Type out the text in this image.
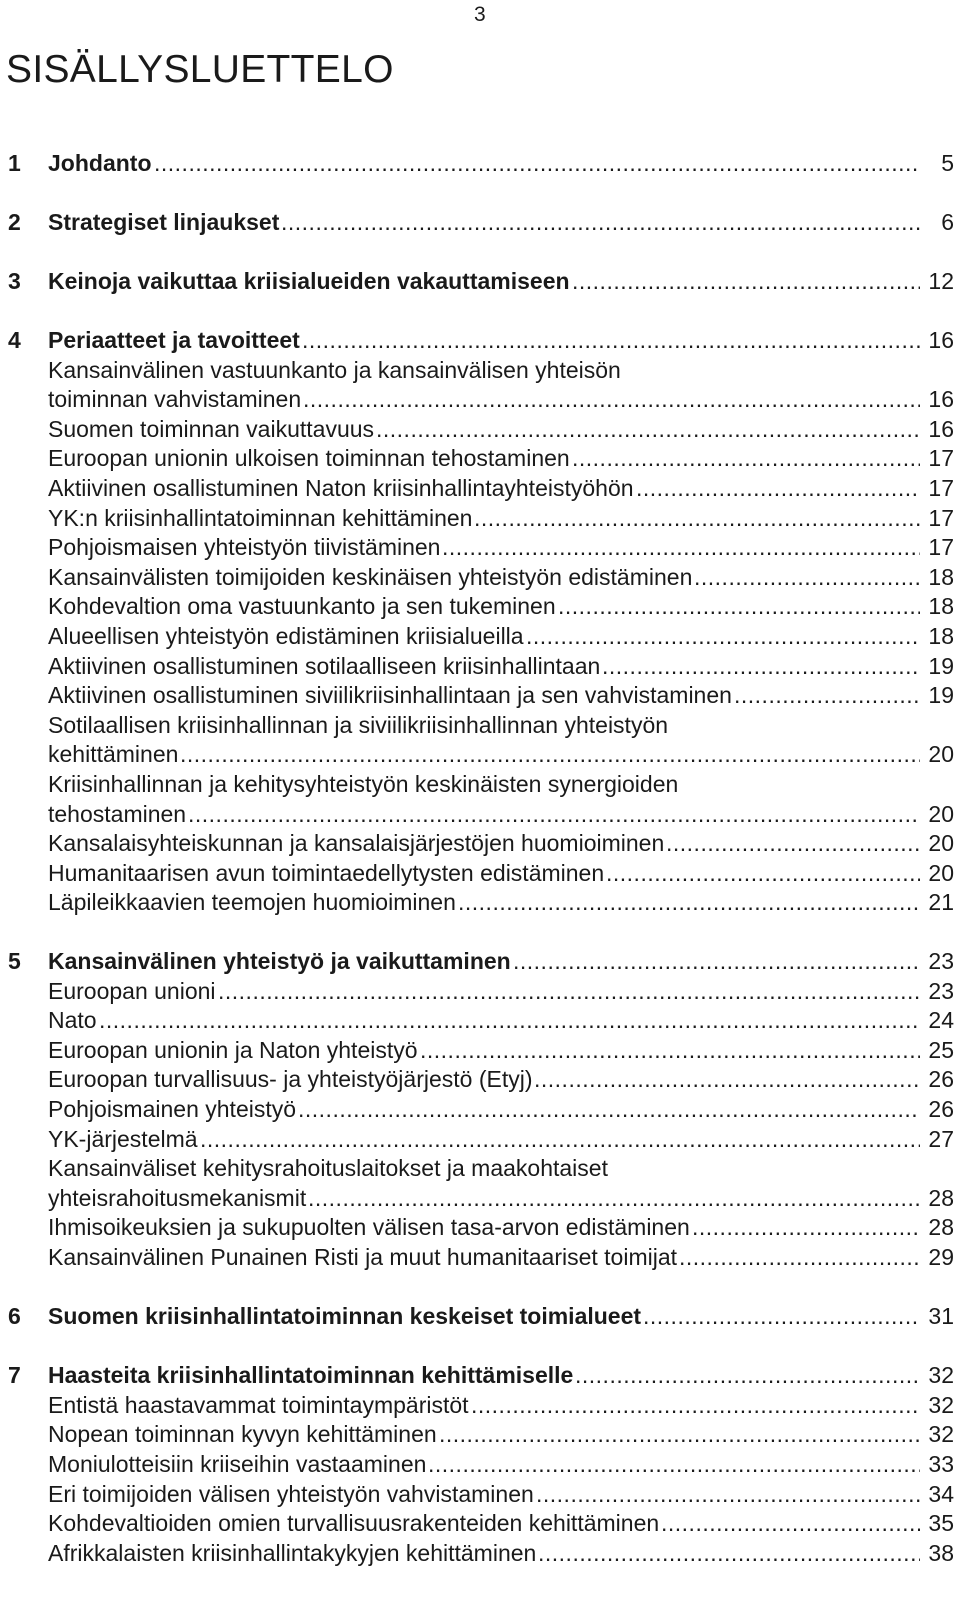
3
SISÄLLYSLUETTELO
1 Johdanto .....	5
2 Strategiset linjaukset .....	6
3 Keinoja vaikuttaa kriisialueiden vakauttamiseen .....	12
4 Periaatteet ja tavoitteet .....	16
Kansainvälinen vastuunkanto ja kansainvälisen yhteisön
toiminnan vahvistaminen .....	16
Suomen toiminnan vaikuttavuus .....	16
Euroopan unionin ulkoisen toiminnan tehostaminen .....	17
Aktiivinen osallistuminen Naton kriisinhallintayhteistyöhön .....	17
YK:n kriisinhallintatoiminnan kehittäminen .....	17
Pohjoismaisen yhteistyön tiivistäminen .....	17
Kansainvälisten toimijoiden keskinäisen yhteistyön edistäminen .....	18
Kohdevaltion oma vastuunkanto ja sen tukeminen .....	18
Alueellisen yhteistyön edistäminen kriisialueilla .....	18
Aktiivinen osallistuminen sotilaalliseen kriisinhallintaan .....	19
Aktiivinen osallistuminen siviilikriisinhallintaan ja sen vahvistaminen .....	19
Sotilaallisen kriisinhallinnan ja siviilikriisinhallinnan yhteistyön
kehittäminen .....	20
Kriisinhallinnan ja kehitysyhteistyön keskinäisten synergioiden
tehostaminen .....	20
Kansalaisyhteiskunnan ja kansalaisjärjestöjen huomioiminen .....	20
Humanitaarisen avun toimintaedellytysten edistäminen .....	20
Läpileikkaavien teemojen huomioiminen .....	21
5 Kansainvälinen yhteistyö ja vaikuttaminen .....	23
Euroopan unioni .....	23
Nato .....	24
Euroopan unionin ja Naton yhteistyö .....	25
Euroopan turvallisuus- ja yhteistyöjärjestö (Etyj) .....	26
Pohjoismainen yhteistyö .....	26
YK-järjestelmä .....	27
Kansainväliset kehitysrahoituslaitokset ja maakohtaiset
yhteisrahoitusmekanismit .....	28
Ihmisoikeuksien ja sukupuolten välisen tasa-arvon edistäminen .....	28
Kansainvälinen Punainen Risti ja muut humanitaariset toimijat .....	29
6 Suomen kriisinhallintatoiminnan keskeiset toimialueet .....	31
7 Haasteita kriisinhallintatoiminnan kehittämiselle .....	32
Entistä haastavammat toimintaympäristöt .....	32
Nopean toiminnan kyvyn kehittäminen .....	32
Moniulotteisiin kriiseihin vastaaminen .....	33
Eri toimijoiden välisen yhteistyön vahvistaminen .....	34
Kohdevaltioiden omien turvallisuusrakenteiden kehittäminen .....	35
Afrikkalaisten kriisinhallintakykyjen kehittäminen .....	38
